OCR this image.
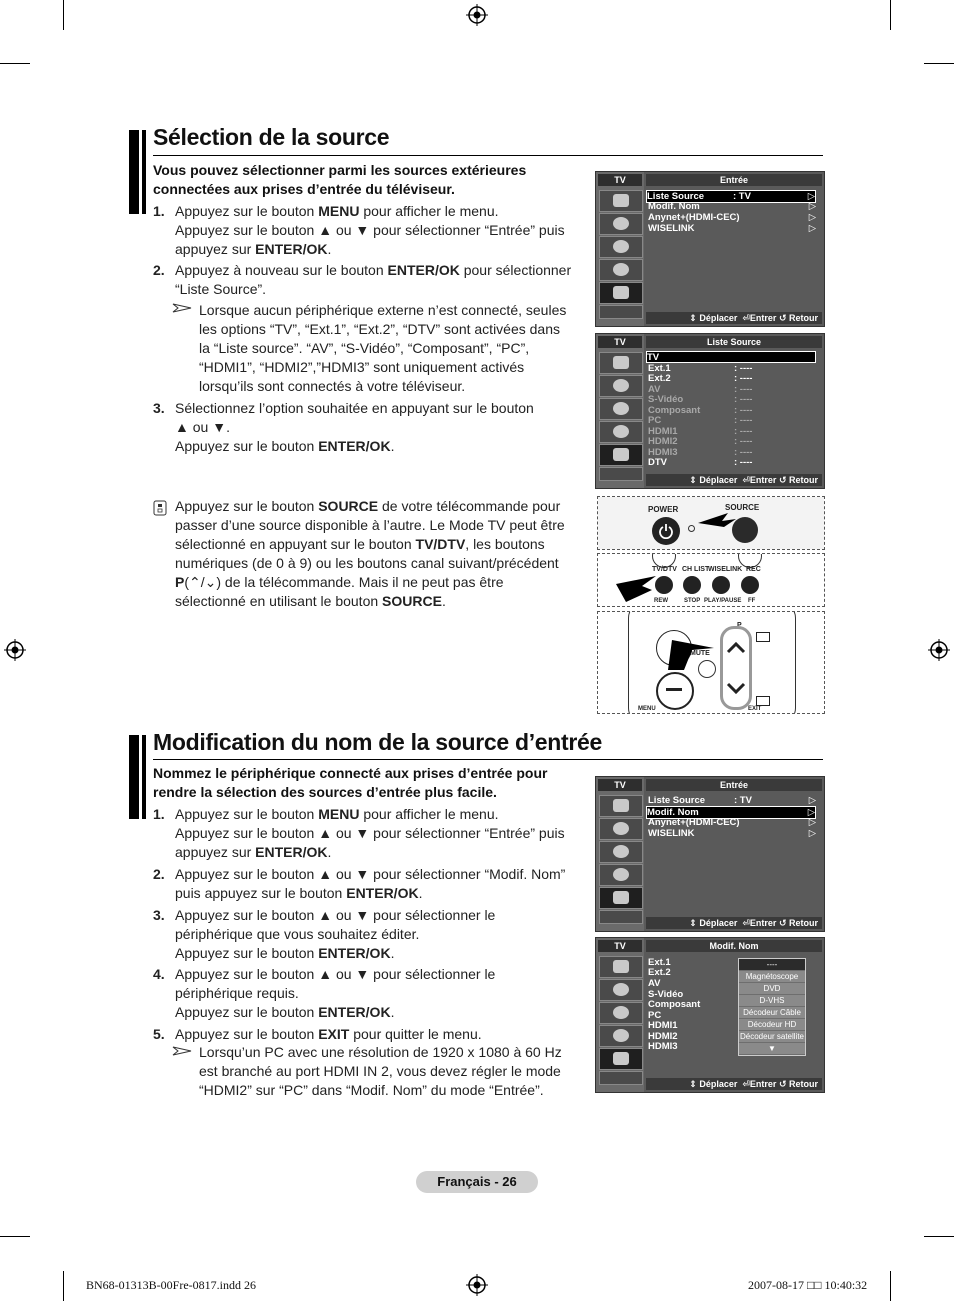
Sélection de la source
Vous pouvez sélectionner parmi les sources extérieures
connectées aux prises d’entrée du téléviseur.
1. Appuyez sur le bouton MENU pour afficher le menu.
Appuyez sur le bouton ▲ ou ▼ pour sélectionner “Entrée” puis
appuyez sur ENTER/OK.
2. Appuyez à nouveau sur le bouton ENTER/OK pour sélectionner
“Liste Source”.
Lorsque aucun périphérique externe n’est connecté, seules
les options “TV”, “Ext.1”, “Ext.2”, “DTV” sont activées dans
la “Liste source”. “AV”, “S-Vidéo”, “Composant”, “PC”,
“HDMI1”, “HDMI2”,”HDMI3” sont uniquement activés
lorsqu’ils sont connectés à votre téléviseur.
3. Sélectionnez l’option souhaitée en appuyant sur le bouton
▲ ou ▼.
Appuyez sur le bouton ENTER/OK.
Appuyez sur le bouton SOURCE de votre télécommande pour
passer d’une source disponible à l’autre. Le Mode TV peut être
sélectionné en appuyant sur le bouton TV/DTV, les boutons
numériques (de 0 à 9) ou les boutons canal suivant/précédent
P(⌃/⌄) de la télécommande. Mais il ne peut pas être
sélectionné en utilisant le bouton SOURCE.
TV	Entrée
Liste Source	: TV	▷
Modif. Nom	▷
Anynet+(HDMI-CEC)	▷
WISELINK	▷
⇕ Déplacer ⏎Entrer ↺ Retour
TV	Liste Source
TV
Ext.1	: ----
Ext.2	: ----
AV	: ----
S-Vidéo	: ----
Composant	: ----
PC	: ----
HDMI1	: ----
HDMI2	: ----
HDMI3	: ----
DTV	: ----
⇕ Déplacer ⏎Entrer ↺ Retour
POWER	SOURCE
TV/DTV CH LIST
WISELINK REC
REW	STOP PLAY/PAUSE FF
MUTE
P
MENU	EXIT
Modification du nom de la source d’entrée
Nommez le périphérique connecté aux prises d’entrée pour
rendre la sélection des sources d’entrée plus facile.
1. Appuyez sur le bouton MENU pour afficher le menu.
Appuyez sur le bouton ▲ ou ▼ pour sélectionner “Entrée” puis
appuyez sur ENTER/OK.
2. Appuyez sur le bouton ▲ ou ▼ pour sélectionner “Modif. Nom”
puis appuyez sur le bouton ENTER/OK.
3. Appuyez sur le bouton ▲ ou ▼ pour sélectionner le
périphérique que vous souhaitez éditer.
Appuyez sur le bouton ENTER/OK.
4. Appuyez sur le bouton ▲ ou ▼ pour sélectionner le
périphérique requis.
Appuyez sur le bouton ENTER/OK.
5. Appuyez sur le bouton EXIT pour quitter le menu.
Lorsqu’un PC avec une résolution de 1920 x 1080 à 60 Hz
est branché au port HDMI IN 2, vous devez régler le mode
“HDMI2” sur “PC” dans “Modif. Nom” du mode “Entrée”.
TV	Entrée
Liste Source	: TV	▷
Modif. Nom	▷
Anynet+(HDMI-CEC)	▷
WISELINK	▷
⇕ Déplacer ⏎Entrer ↺ Retour
TV	Modif. Nom
Ext.1
Ext.2
AV
S-Vidéo
Composant
PC
HDMI1
HDMI2
HDMI3
----
Magnétoscope
DVD
D-VHS
Décodeur Câble
Décodeur HD
Décodeur satellite
▼
⇕ Déplacer ⏎Entrer ↺ Retour
Français - 26
BN68-01313B-00Fre-0817.indd 26	2007-08-17 □□ 10:40:32
